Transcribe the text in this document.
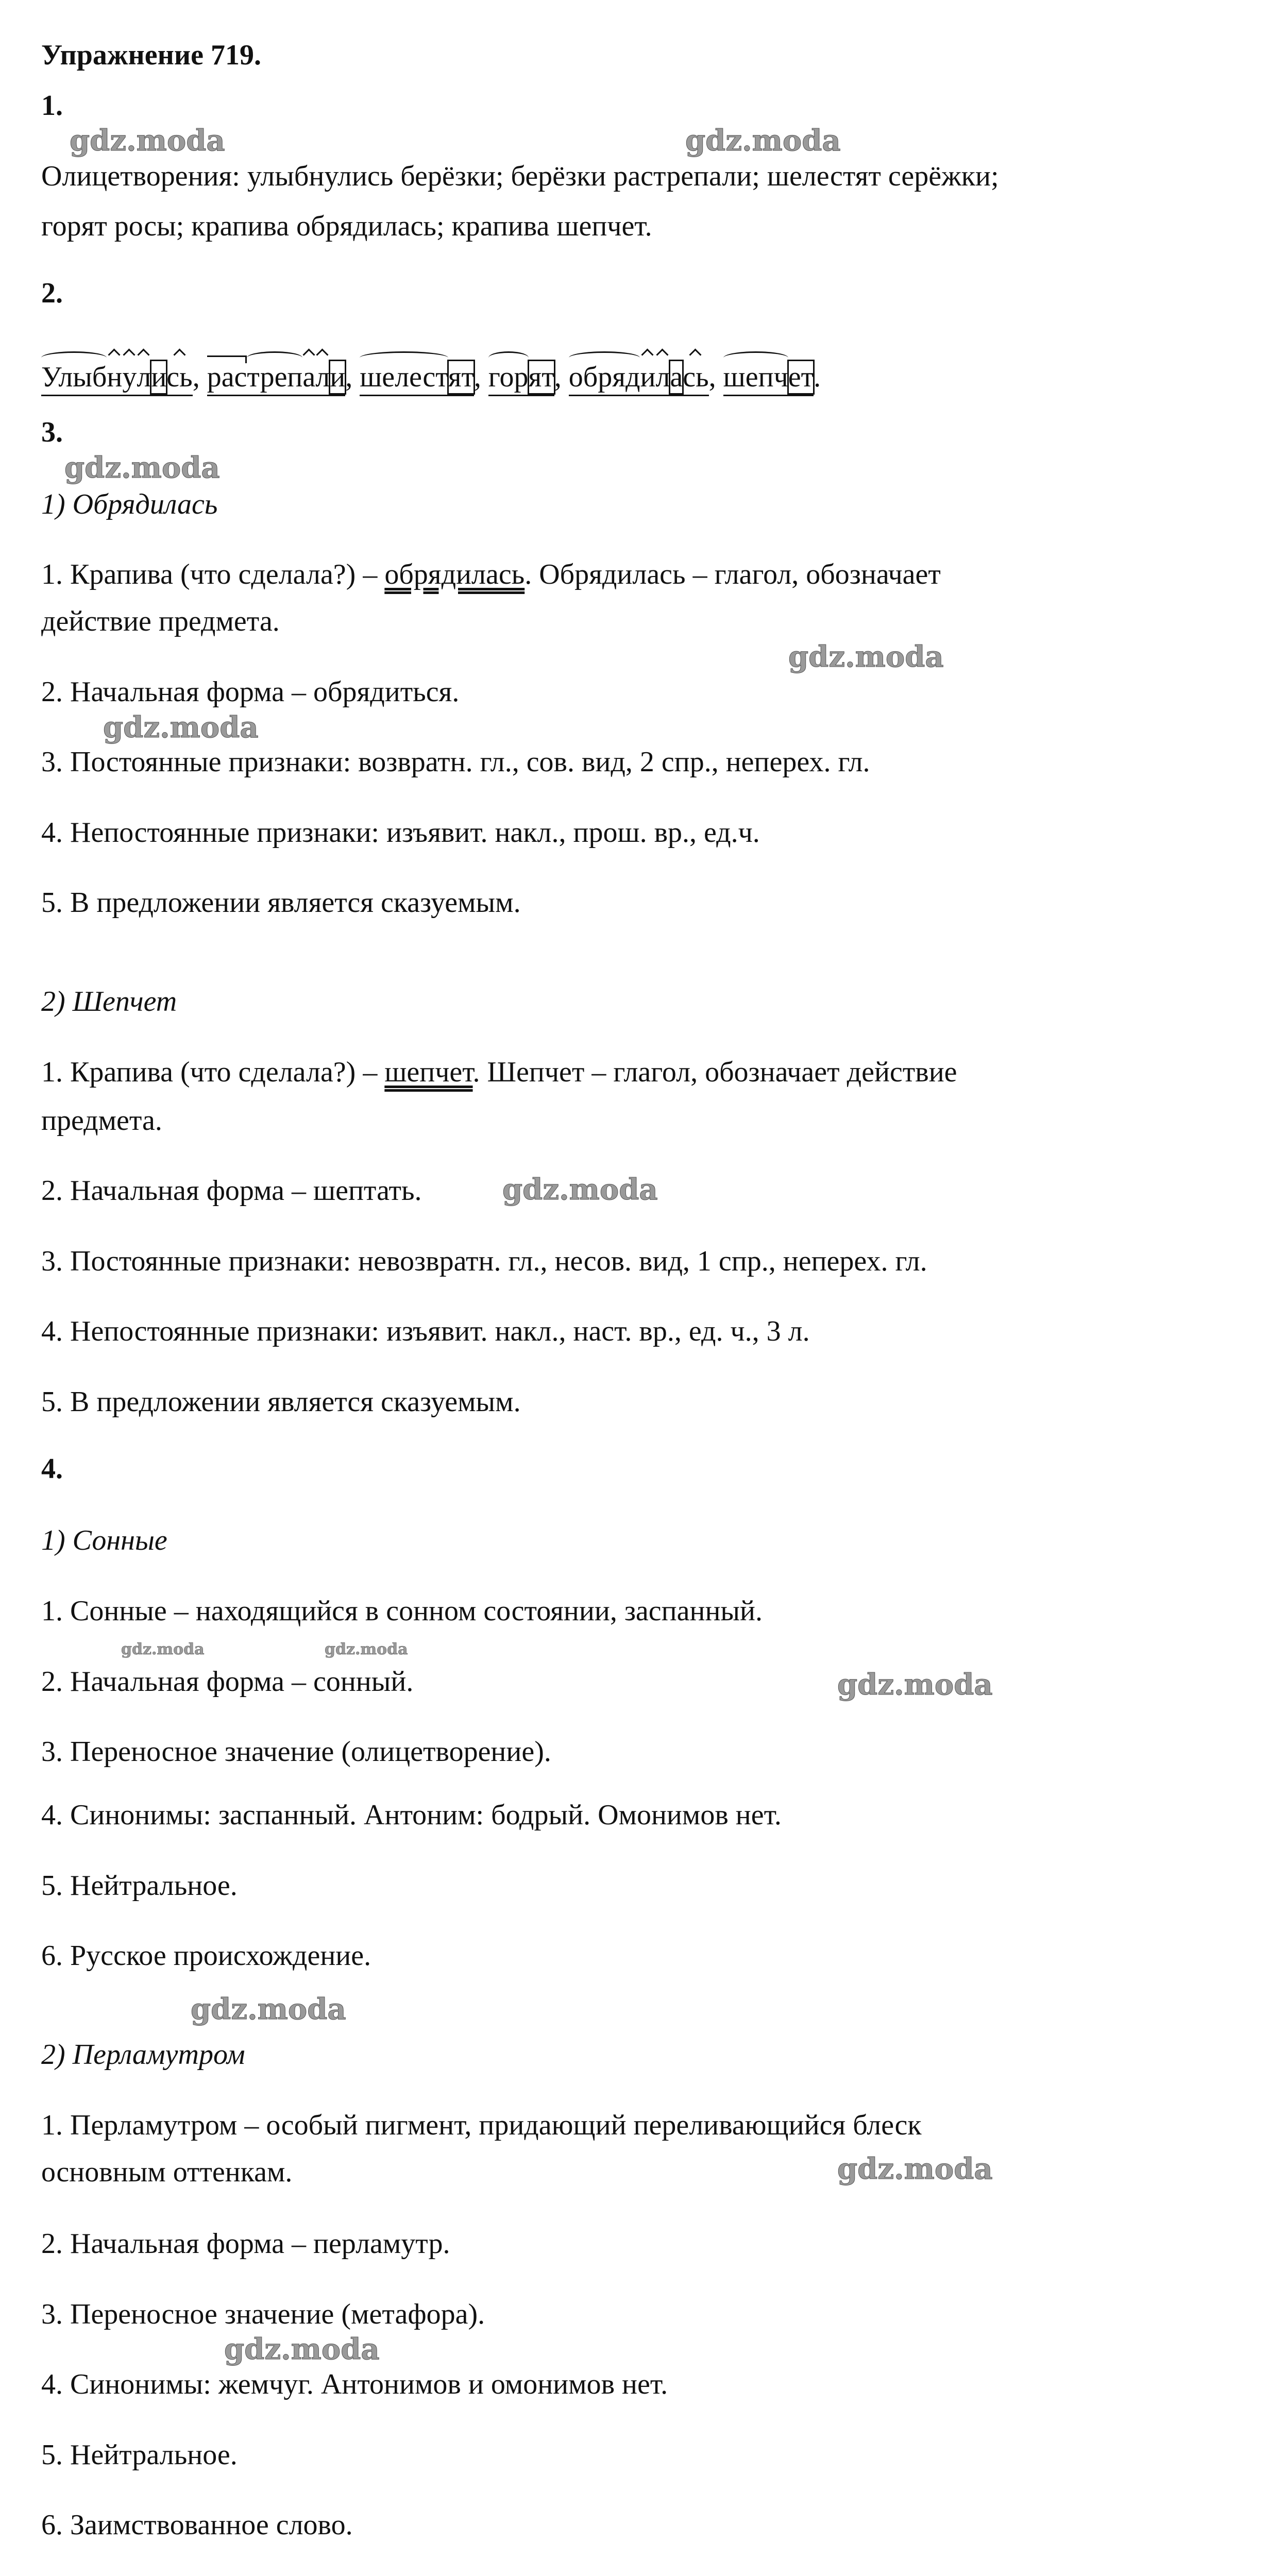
Упражнение 719.
1.
Олицетворения: улыбнулись берёзки; берёзки растрепали; шелестят серёжки;
горят росы; крапива обрядилась; крапива шепчет.
2.
3.
1) Обрядилась
1. Крапива (что сделала?) – обрядилась. Обрядилась – глагол, обозначает
действие предмета.
2. Начальная форма – обрядиться.
3. Постоянные признаки: возвратн. гл., сов. вид, 2 спр., неперех. гл.
4. Непостоянные признаки: изъявит. накл., прош. вр., ед.ч.
5. В предложении является сказуемым.
2) Шепчет
1. Крапива (что сделала?) – шепчет. Шепчет – глагол, обозначает действие
предмета.
2. Начальная форма – шептать.
3. Постоянные признаки: невозвратн. гл., несов. вид, 1 спр., неперех. гл.
4. Непостоянные признаки: изъявит. накл., наст. вр., ед. ч., 3 л.
5. В предложении является сказуемым.
4.
1) Сонные
1. Сонные – находящийся в сонном состоянии, заспанный.
2. Начальная форма – сонный.
3. Переносное значение (олицетворение).
4. Синонимы: заспанный. Антоним: бодрый. Омонимов нет.
5. Нейтральное.
6. Русское происхождение.
2) Перламутром
1. Перламутром – особый пигмент, придающий переливающийся блеск
основным оттенкам.
2. Начальная форма – перламутр.
3. Переносное значение (метафора).
4. Синонимы: жемчуг. Антонимов и омонимов нет.
5. Нейтральное.
6. Заимствованное слово.
Улыбнулись, растрепали, шелестят, горят, обрядилась, шепчет.
gdz.moda
gdz.moda
gdz.moda
gdz.moda
gdz.moda
gdz.moda
gdz.moda	gdz.moda
gdz.moda
gdz.moda
gdz.moda
gdz.moda
